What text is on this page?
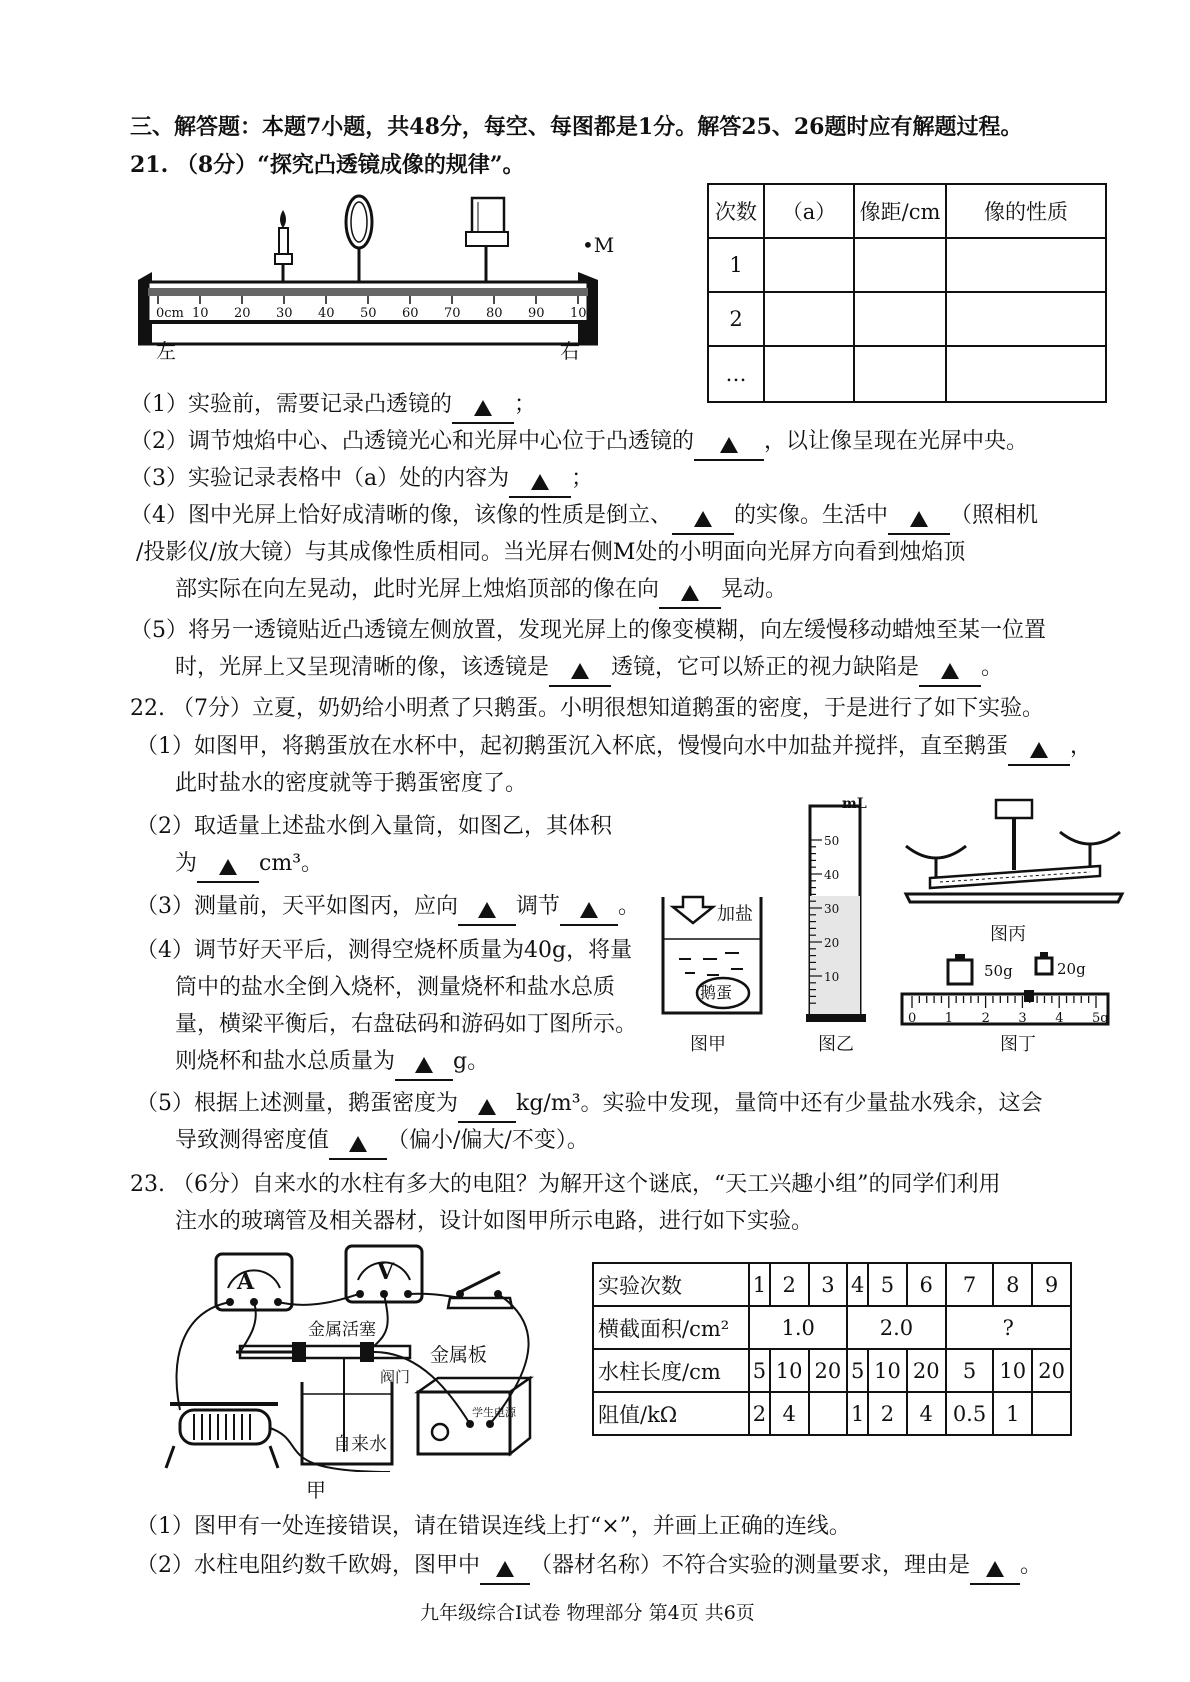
三、解答题：本题7小题，共48分，每空、每图都是1分。解答25、26题时应有解题过程。
21. （8分）“探究凸透镜成像的规律”。
0cm 10 20 30 40 50 60 70 80 90 100
左	右
•M
次数	（a）	像距/cm	像的性质
1			
2			
…			
（1）实验前，需要记录凸透镜的	；
（2）调节烛焰中心、凸透镜光心和光屏中心位于凸透镜的	，以让像呈现在光屏中央。
（3）实验记录表格中（a）处的内容为	；
（4）图中光屏上恰好成清晰的像，该像的性质是倒立、	的实像。生活中	（照相机
/投影仪/放大镜）与其成像性质相同。当光屏右侧M处的小明面向光屏方向看到烛焰顶
部实际在向左晃动，此时光屏上烛焰顶部的像在向	晃动。
（5）将另一透镜贴近凸透镜左侧放置，发现光屏上的像变模糊，向左缓慢移动蜡烛至某一位置
时，光屏上又呈现清晰的像，该透镜是	透镜，它可以矫正的视力缺陷是	。
22. （7分）立夏，奶奶给小明煮了只鹅蛋。小明很想知道鹅蛋的密度，于是进行了如下实验。
（1）如图甲，将鹅蛋放在水杯中，起初鹅蛋沉入杯底，慢慢向水中加盐并搅拌，直至鹅蛋	，
此时盐水的密度就等于鹅蛋密度了。
（2）取适量上述盐水倒入量筒，如图乙，其体积
为	cm³。
（3）测量前，天平如图丙，应向	调节	。
（4）调节好天平后，测得空烧杯质量为40g，将量
筒中的盐水全倒入烧杯，测量烧杯和盐水总质
量，横梁平衡后，右盘砝码和游码如丁图所示。
则烧杯和盐水总质量为	g。
（5）根据上述测量，鹅蛋密度为	kg/m³。实验中发现，量筒中还有少量盐水残余，这会
导致测得密度值	（偏小/偏大/不变）。
加盐
鹅蛋
图甲
50
40
30
20
10
mL
图乙
图丙
0 1 2 3 4 5g
50g	20g
图丁
23. （6分）自来水的水柱有多大的电阻？为解开这个谜底，“天工兴趣小组”的同学们利用
注水的玻璃管及相关器材，设计如图甲所示电路，进行如下实验。
A	V
金属活塞
金属板
阀门
自来水
学生电源
甲
实验次数	1	2	3	4	5	6	7	8	9
横截面积/cm²	1.0			2.0			?		
水柱长度/cm	5	10	20	5	10	20	5	10	20
阻值/kΩ	2	4		1	2	4	0.5	1	
（1）图甲有一处连接错误，请在错误连线上打“×”，并画上正确的连线。
（2）水柱电阻约数千欧姆，图甲中 （器材名称）不符合实验的测量要求，理由是 。
九年级综合I试卷 物理部分 第4页 共6页
